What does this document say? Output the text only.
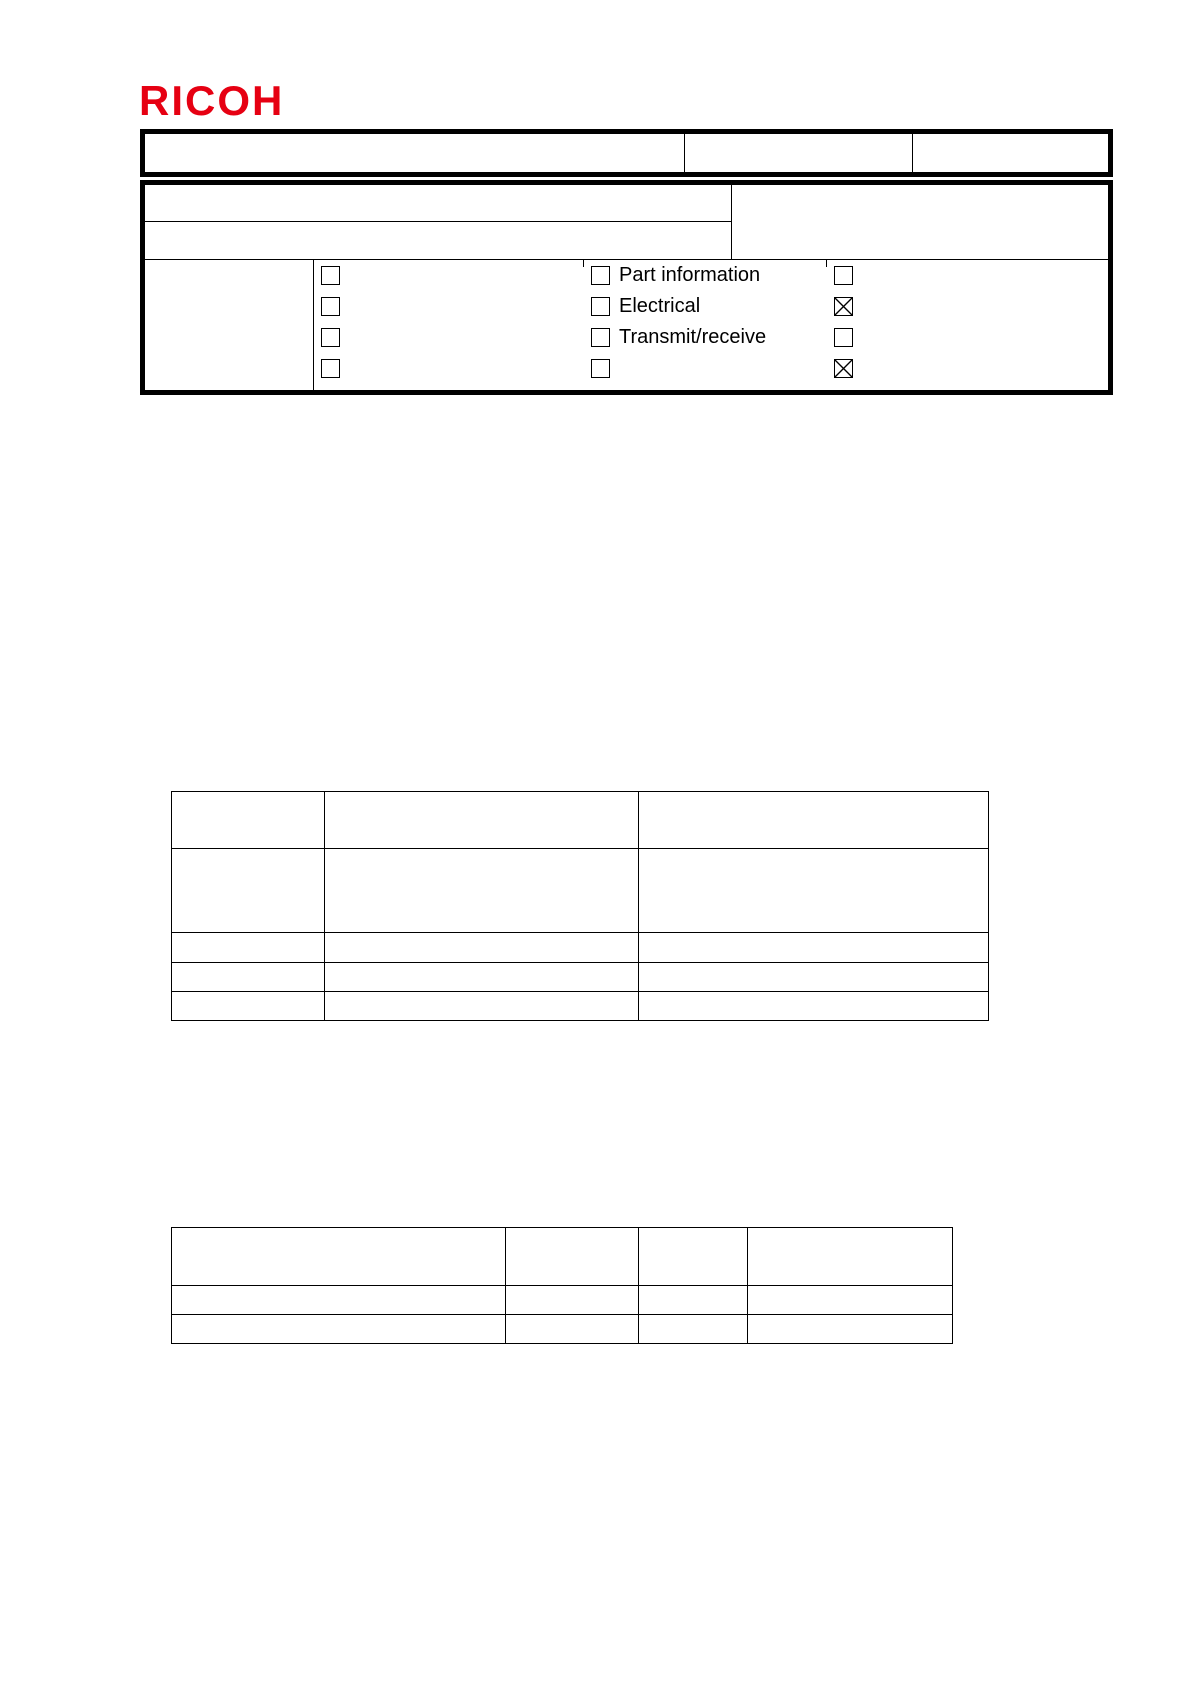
RICOH
Part information
Electrical
Transmit/receive
